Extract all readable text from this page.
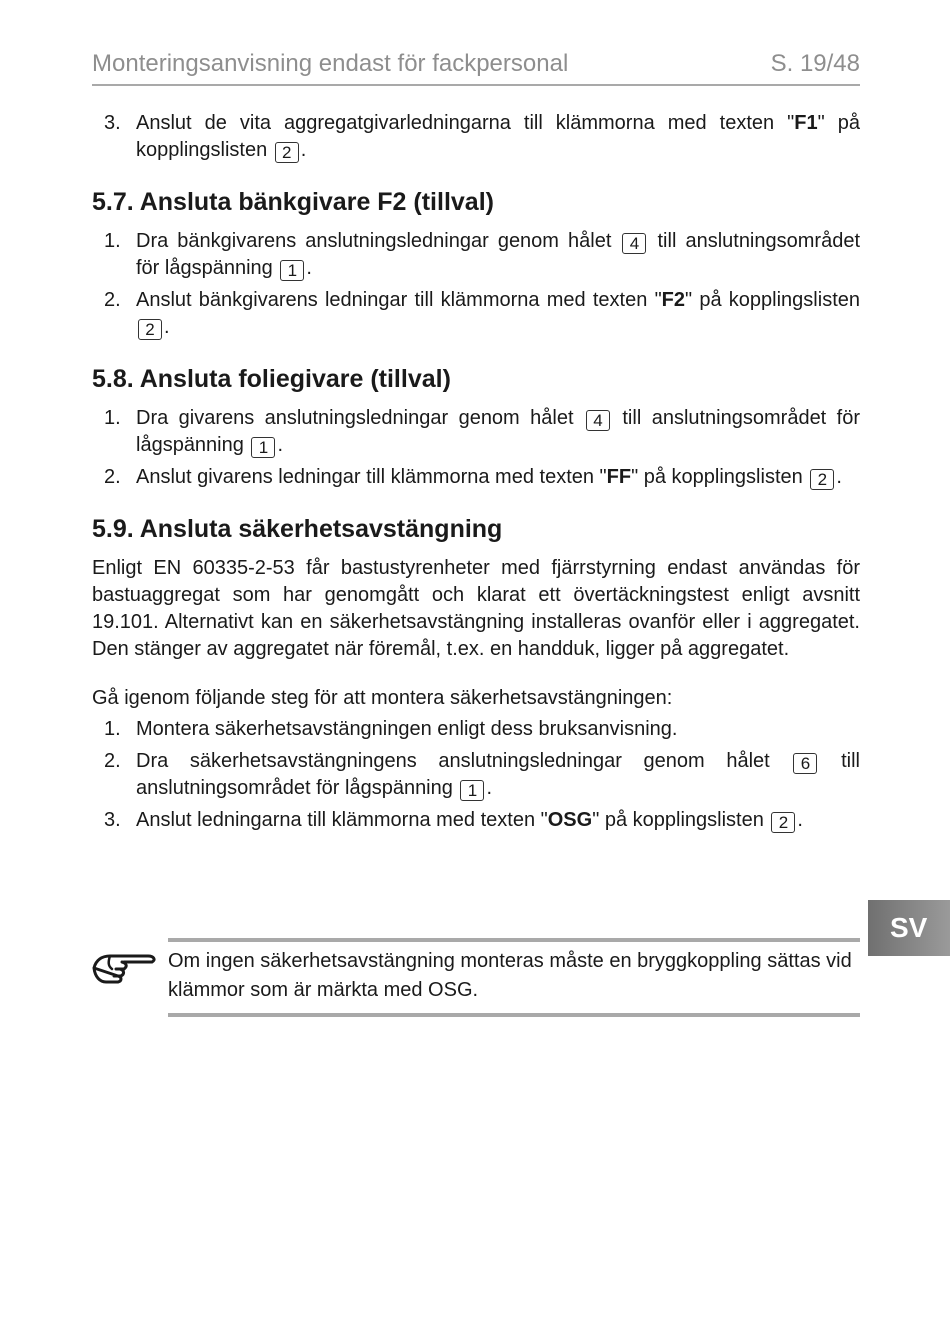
Monteringsanvisning endast för fackpersonal	S. 19/48
3. Anslut de vita aggregatgivarledningarna till klämmorna med texten "F1" på kopplingslisten 2 .
5.7. Ansluta bänkgivare F2 (tillval)
1. Dra bänkgivarens anslutningsledningar genom hålet 4 till anslutningsområdet för lågspänning 1 .
2. Anslut bänkgivarens ledningar till klämmorna med texten "F2" på kopplingslisten 2 .
5.8. Ansluta foliegivare (tillval)
1. Dra givarens anslutningsledningar genom hålet 4 till anslutningsområdet för lågspänning 1 .
2. Anslut givarens ledningar till klämmorna med texten "FF" på kopplingslisten 2 .
5.9. Ansluta säkerhetsavstängning

Enligt EN 60335-2-53 får bastustyrenheter med fjärrstyrning endast användas för bastuaggregat som har genomgått och klarat ett övertäckningstest enligt avsnitt 19.101. Alternativt kan en säkerhetsavstängning installeras ovanför eller i aggregatet. Den stänger av aggregatet när föremål, t.ex. en handduk, ligger på aggregatet.

Gå igenom följande steg för att montera säkerhetsavstängningen:

1. Montera säkerhetsavstängningen enligt dess bruksanvisning.
2. Dra säkerhetsavstängningens anslutningsledningar genom hålet 6 till anslutningsområdet för lågspänning 1 .
3. Anslut ledningarna till klämmorna med texten "OSG" på kopplingslisten 2 .
Om ingen säkerhetsavstängning monteras måste en bryggkoppling sättas vid klämmor som är märkta med OSG.
SV
